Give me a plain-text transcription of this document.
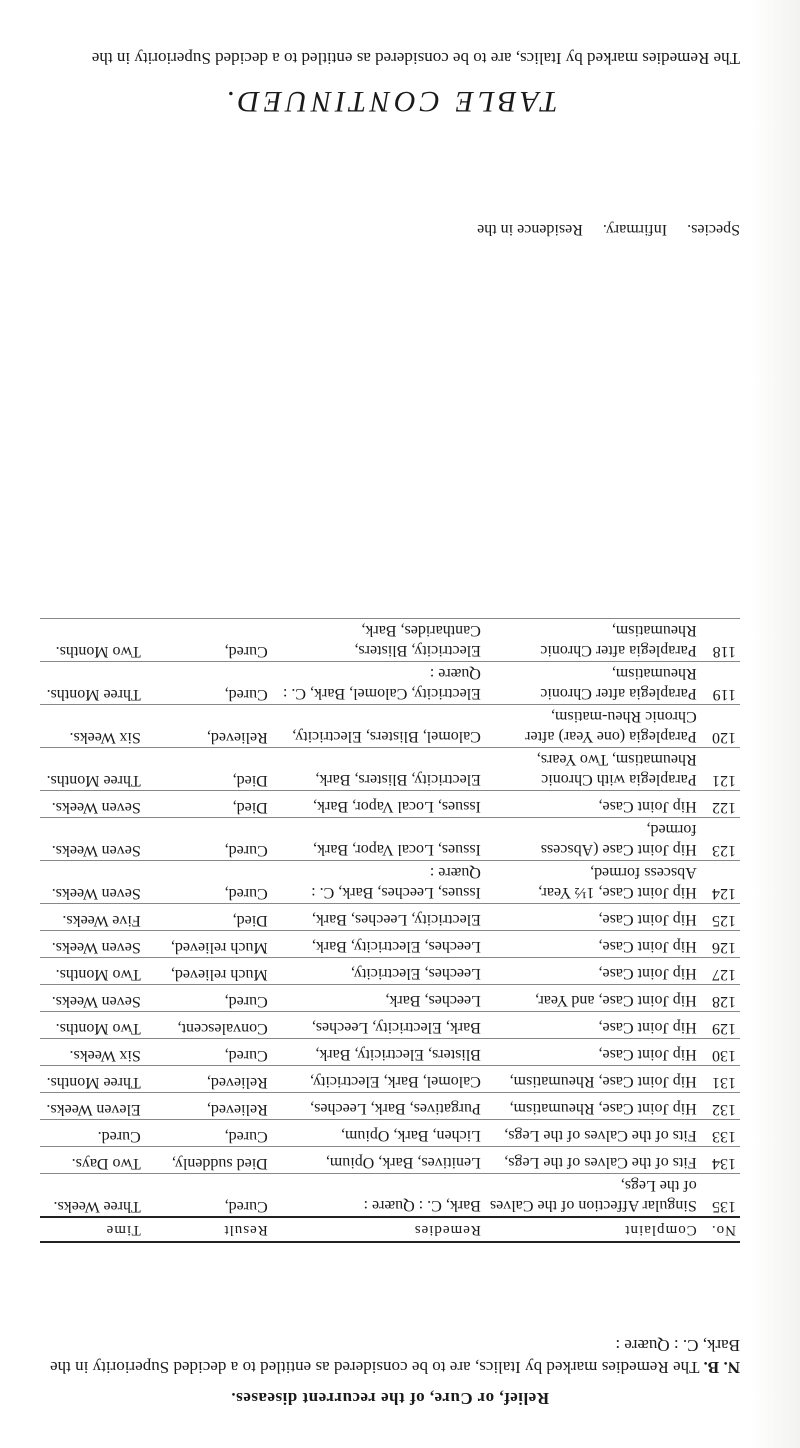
Relief, or Cure, of the recurrent diseases.
N. B. The Remedies marked by Italics, are to be considered as entitled to a decided Superiority in the Bark, C. : Quære :
No.	Complaint	Remedies	Result	Time
135	Singular Affection of the Calves of the Legs,	Bark, C. : Quære :	Cured,	Three Weeks.
134	Fits of the Calves of the Legs,	Lenitives, Bark, Opium,	Died suddenly,	Two Days.
133	Fits of the Calves of the Legs,	Lichen, Bark, Opium,	Cured,	Cured.
132	Hip Joint Case, Rheumatism,	Purgatives, Bark, Leeches,	Relieved,	Eleven Weeks.
131	Hip Joint Case, Rheumatism,	Calomel, Bark, Electricity,	Relieved,	Three Months.
130	Hip Joint Case,	Blisters, Electricity, Bark,	Cured,	Six Weeks.
129	Hip Joint Case,	Bark, Electricity, Leeches,	Convalescent,	Two Months.
128	Hip Joint Case, and Year,	Leeches, Bark,	Cured,	Seven Weeks.
127	Hip Joint Case,	Leeches, Electricity,	Much relieved,	Two Months.
126	Hip Joint Case,	Leeches, Electricity, Bark,	Much relieved,	Seven Weeks.
125	Hip Joint Case,	Electricity, Leeches, Bark,	Died,	Five Weeks.
124	Hip Joint Case, 1½ Year, Abscess formed,	Issues, Leeches, Bark, C. : Quære :	Cured,	Seven Weeks.
123	Hip Joint Case (Abscess formed,	Issues, Local Vapor, Bark,	Cured,	Seven Weeks.
122	Hip Joint Case,	Issues, Local Vapor, Bark,	Died,	Seven Weeks.
121	Paraplegia with Chronic Rheumatism, Two Years,	Electricity, Blisters, Bark,	Died,	Three Months.
120	Paraplegia (one Year) after Chronic Rheu-matism,	Calomel, Blisters, Electricity,	Relieved,	Six Weeks.
119	Paraplegia after Chronic Rheumatism,	Electricity, Calomel, Bark, C. : Quære :	Cured,	Three Months.
118	Paraplegia after Chronic Rheumatism,	Electricity, Blisters, Cantharides, Bark,	Cured,	Two Months.
Species.     Infirmary.     Residence in the
TABLE CONTINUED.
The Remedies marked by Italics, are to be considered as entitled to a decided Superiority in the
